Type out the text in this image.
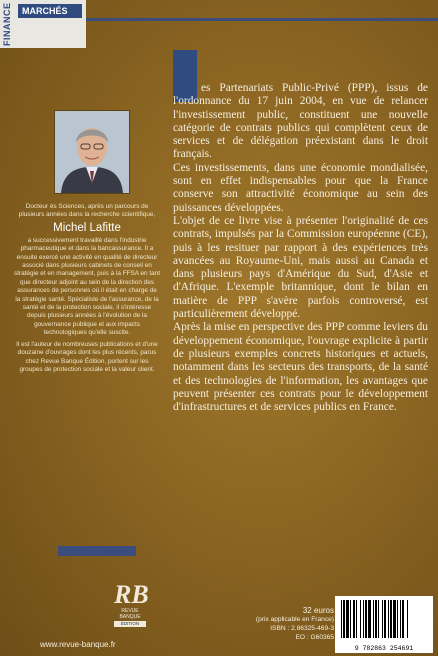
FINANCE	MARCHÉS
Docteur ès Sciences, après un parcours de plusieurs années dans la recherche scientifique,
Michel Lafitte
a successivement travaillé dans l'industrie pharmaceutique et dans la bancassurance. Il a ensuite exercé une activité en qualité de directeur associé dans plusieurs cabinets de conseil en stratégie et en management, puis à la FFSA en tant que directeur adjoint au sein de la direction des assurances de personnes où il était en charge de la stratégie santé. Spécialiste de l'assurance, de la santé et de la protection sociale, il s'intéresse depuis plusieurs années à l'évolution de la gouvernance publique et aux impacts technologiques qu'elle suscite.
Il est l'auteur de nombreuses publications et d'une douzaine d'ouvrages dont les plus récents, parus chez Revue Banque Édition, portent sur les groupes de protection sociale et la valeur client.

es Partenariats Public-Privé (PPP), issus de l'ordonnance du 17 juin 2004, en vue de relancer l'investissement public, constituent une nouvelle catégorie de contrats publics qui complètent ceux de services et de délégation préexistant dans le droit français.

Ces investissements, dans une économie mondialisée, sont en effet indispensables pour que la France conserve son attractivité économique au sein des puissances développées.

L'objet de ce livre vise à présenter l'originalité de ces contrats, impulsés par la Commission européenne (CE), puis à les resituer par rapport à des expériences très avancées au Royaume-Uni, mais aussi au Canada et dans plusieurs pays d'Amérique du Sud, d'Asie et d'Afrique. L'exemple britannique, dont le bilan en matière de PPP s'avère parfois controversé, est particulièrement développé.

Après la mise en perspective des PPP comme leviers du développement économique, l'ouvrage explicite à partir de plusieurs exemples concrets historiques et actuels, notamment dans les secteurs des transports, de la santé et des technologies de l'information, les avantages que peuvent présenter ces contrats pour le développement d'infrastructures et de services publics en France.

RB
REVUE
BANQUE
ÉDITION
www.revue-banque.fr
32 euros
(prix applicable en France)
ISBN : 2.86325-469-3
EO : G60365
9 782863 254691
